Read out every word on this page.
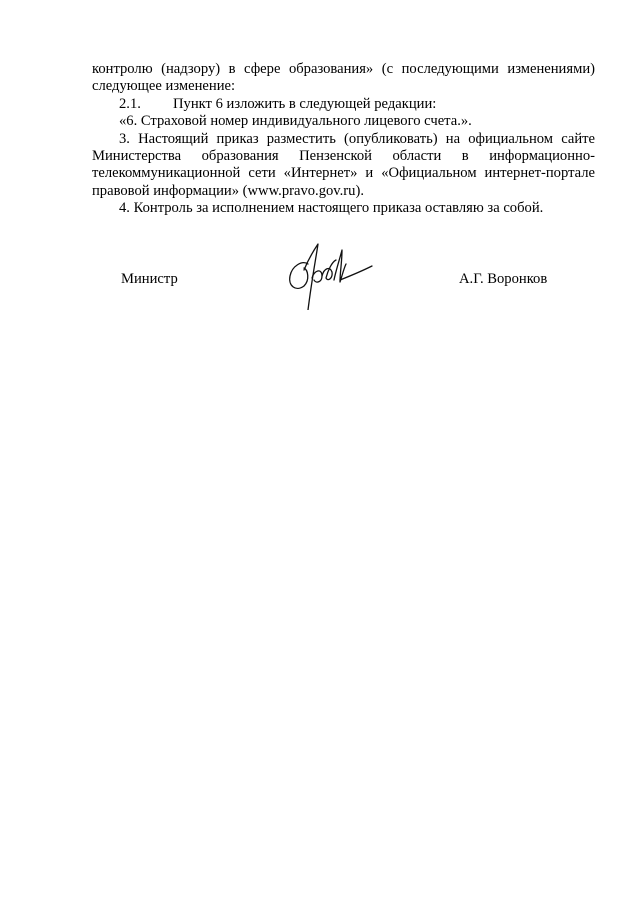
контролю (надзору) в сфере образования» (с последующими изменениями)

следующее изменение:

2.1. Пункт 6 изложить в следующей редакции:

«6. Страховой номер индивидуального лицевого счета.».

3. Настоящий приказ разместить (опубликовать) на официальном сайте Министерства образования Пензенской области в информационно-телекоммуникационной сети «Интернет» и «Официальном интернет-портале правовой информации» (www.pravo.gov.ru).

4. Контроль за исполнением настоящего приказа оставляю за собой.

Министр	А.Г. Воронков
